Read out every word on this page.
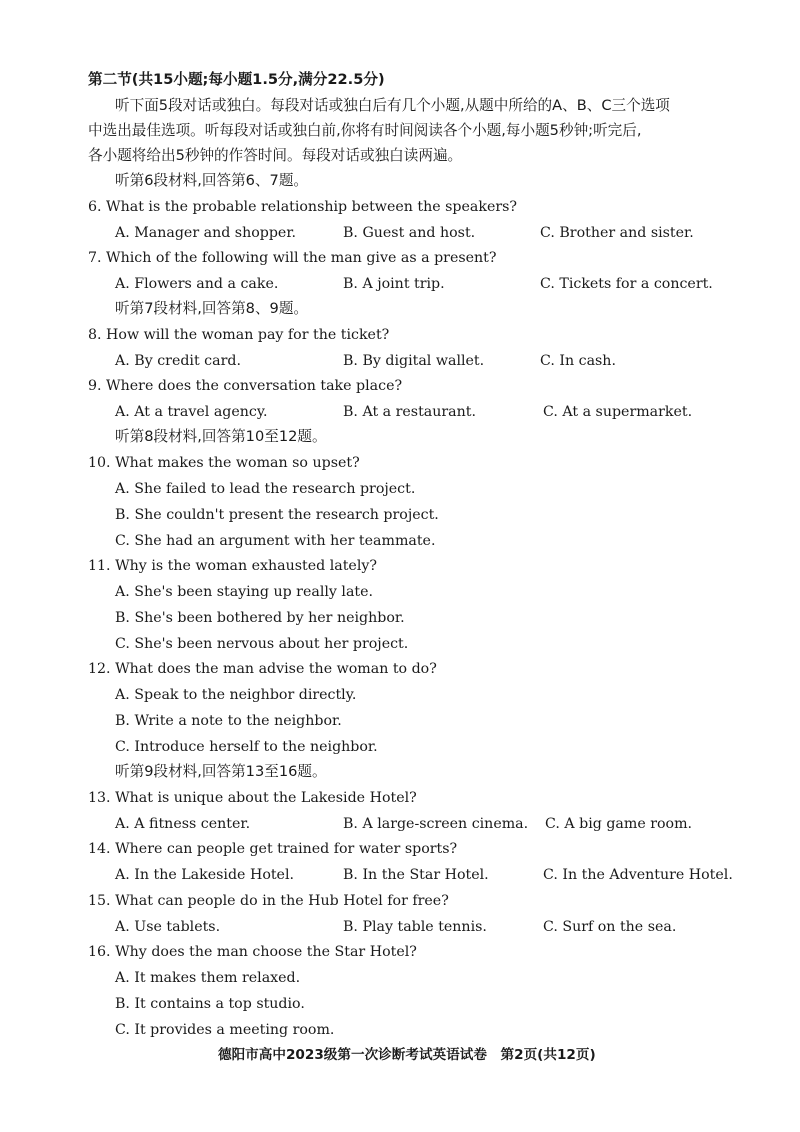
第二节(共15小题;每小题1.5分,满分22.5分)
听下面5段对话或独白。每段对话或独白后有几个小题,从题中所给的A、B、C三个选项
中选出最佳选项。听每段对话或独白前,你将有时间阅读各个小题,每小题5秒钟;听完后,
各小题将给出5秒钟的作答时间。每段对话或独白读两遍。
听第6段材料,回答第6、7题。
6. What is the probable relationship between the speakers?
A. Manager and shopper.	B. Guest and host.	C. Brother and sister.
7. Which of the following will the man give as a present?
A. Flowers and a cake.	B. A joint trip.	C. Tickets for a concert.
听第7段材料,回答第8、9题。
8. How will the woman pay for the ticket?
A. By credit card.	B. By digital wallet.	C. In cash.
9. Where does the conversation take place?
A. At a travel agency.	B. At a restaurant.	C. At a supermarket.
听第8段材料,回答第10至12题。
10. What makes the woman so upset?
A. She failed to lead the research project.
B. She couldn't present the research project.
C. She had an argument with her teammate.
11. Why is the woman exhausted lately?
A. She's been staying up really late.
B. She's been bothered by her neighbor.
C. She's been nervous about her project.
12. What does the man advise the woman to do?
A. Speak to the neighbor directly.
B. Write a note to the neighbor.
C. Introduce herself to the neighbor.
听第9段材料,回答第13至16题。
13. What is unique about the Lakeside Hotel?
A. A fitness center.	B. A large-screen cinema. C. A big game room.
14. Where can people get trained for water sports?
A. In the Lakeside Hotel.	B. In the Star Hotel.	C. In the Adventure Hotel.
15. What can people do in the Hub Hotel for free?
A. Use tablets.	B. Play table tennis.	C. Surf on the sea.
16. Why does the man choose the Star Hotel?
A. It makes them relaxed.
B. It contains a top studio.
C. It provides a meeting room.
德阳市高中2023级第一次诊断考试英语试卷　第2页(共12页)
